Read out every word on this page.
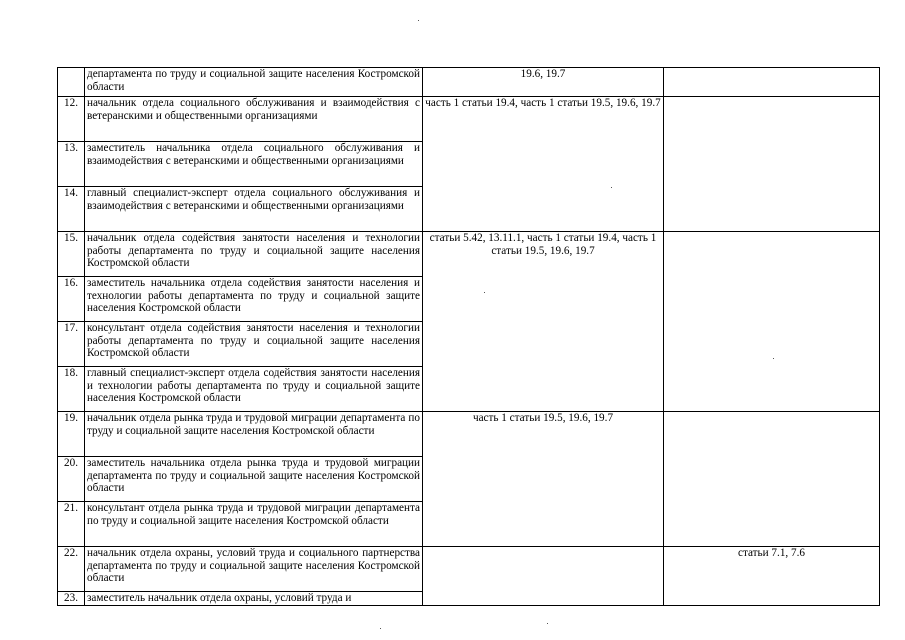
	департамента по труду и социальной защите населения Костромской области	19.6, 19.7	
12.	начальник отдела социального обслуживания и взаимодействия с ветеранскими и общественными организациями	часть 1 статьи 19.4, часть 1 статьи 19.5, 19.6, 19.7	
13.	заместитель начальника отдела социального обслуживания и взаимодействия с ветеранскими и общественными организациями		
14.	главный специалист-эксперт отдела социального обслуживания и взаимодействия с ветеранскими и общественными организациями		
15.	начальник отдела содействия занятости населения и технологии работы департамента по труду и социальной защите населения Костромской области	статьи 5.42, 13.11.1, часть 1 статьи 19.4, часть 1 статьи 19.5, 19.6, 19.7	
16.	заместитель начальника отдела содействия занятости населения и технологии работы департамента по труду и социальной защите населения Костромской области		
17.	консультант отдела содействия занятости населения и технологии работы департамента по труду и социальной защите населения Костромской области		
18.	главный специалист-эксперт отдела содействия занятости населения и технологии работы департамента по труду и социальной защите населения Костромской области		
19.	начальник отдела рынка труда и трудовой миграции департамента по труду и социальной защите населения Костромской области	часть 1 статьи 19.5, 19.6, 19.7	
20.	заместитель начальника отдела рынка труда и трудовой миграции департамента по труду и социальной защите населения Костромской области		
21.	консультант отдела рынка труда и трудовой миграции департамента по труду и социальной защите населения Костромской области		
22.	начальник отдела охраны, условий труда и социального партнерства департамента по труду и социальной защите населения Костромской области		статьи 7.1, 7.6
23.	заместитель начальник отдела охраны, условий труда и		
